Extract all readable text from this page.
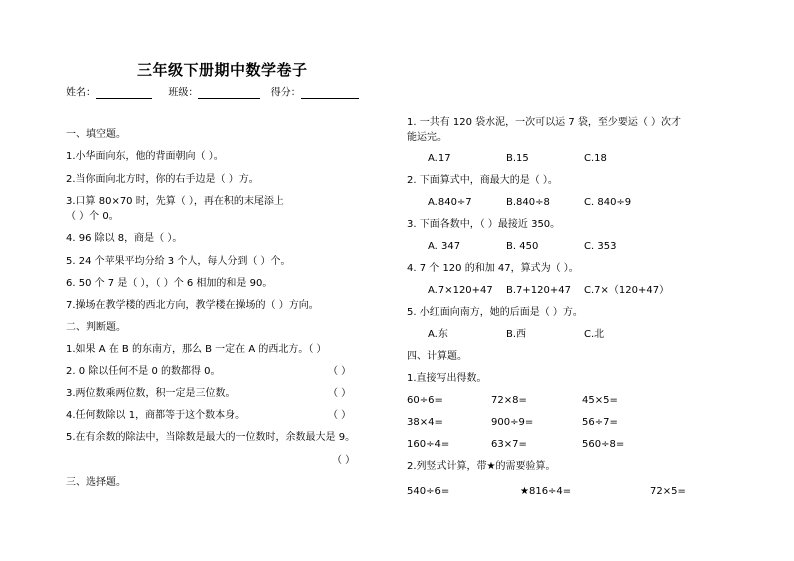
三年级下册期中数学卷子
姓名：	班级：	得分：
一、填空题。
1.小华面向东，他的背面朝向（ ）。
2.当你面向北方时，你的右手边是（ ）方。
3.口算 80×70 时，先算（ ），再在积的末尾添上
（ ）个 0。
4. 96 除以 8，商是（ ）。
5. 24 个苹果平均分给 3 个人，每人分到（ ）个。
6. 50 个 7 是（ ），（ ）个 6 相加的和是 90。
7.操场在教学楼的西北方向，教学楼在操场的（ ）方向。
二、判断题。
1.如果 A 在 B 的东南方，那么 B 一定在 A 的西北方。（ ）
2. 0 除以任何不是 0 的数都得 0。	（ ）
3.两位数乘两位数，积一定是三位数。	（ ）
4.任何数除以 1，商都等于这个数本身。	（ ）
5.在有余数的除法中，当除数是最大的一位数时，余数最大是 9。
（ ）
三、选择题。
1. 一共有 120 袋水泥，一次可以运 7 袋，至少要运（ ）次才
能运完。
A.17	B.15	C.18
2. 下面算式中，商最大的是（ ）。
A.840÷7	B.840÷8	C. 840÷9
3. 下面各数中，（ ）最接近 350。
A. 347	B. 450	C. 353
4. 7 个 120 的和加 47，算式为（ ）。
A.7×120+47 B.7+120+47 C.7×（120+47）
5. 小红面向南方，她的后面是（ ）方。
A.东	B.西	C.北
四、计算题。
1.直接写出得数。
60÷6=	72×8=	45×5=
38×4=	900÷9=	56÷7=
160÷4=	63×7=	560÷8=
2.列竖式计算，带★的需要验算。
540÷6=	★816÷4=	72×5=
